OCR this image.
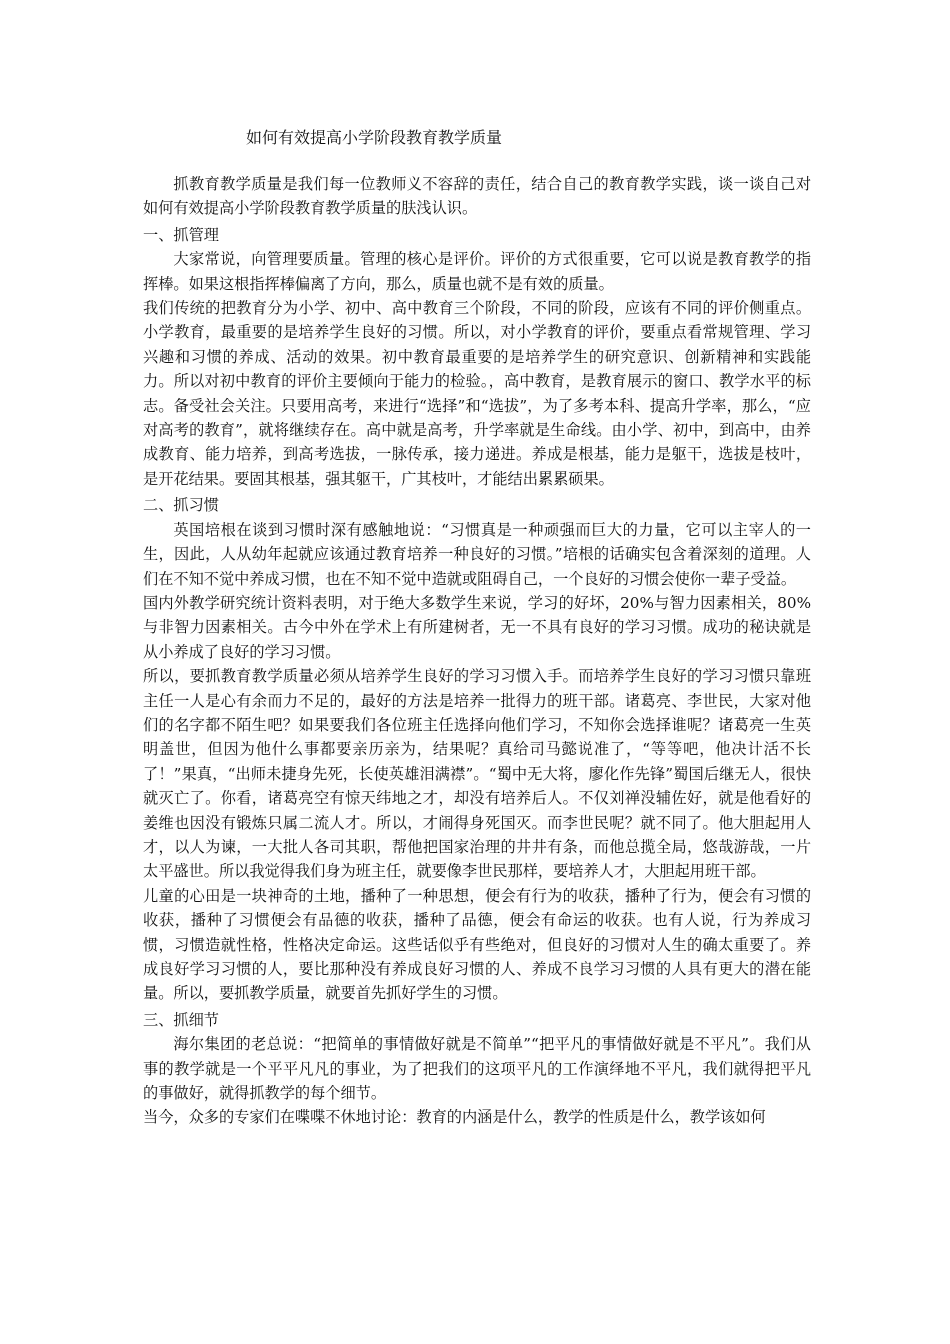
如何有效提高小学阶段教育教学质量

抓教育教学质量是我们每一位教师义不容辞的责任，结合自己的教育教学实践，谈一谈自己对如何有效提高小学阶段教育教学质量的肤浅认识。

一、抓管理

大家常说，向管理要质量。管理的核心是评价。评价的方式很重要，它可以说是教育教学的指挥棒。如果这根指挥棒偏离了方向，那么，质量也就不是有效的质量。

我们传统的把教育分为小学、初中、高中教育三个阶段，不同的阶段，应该有不同的评价侧重点。小学教育，最重要的是培养学生良好的习惯。所以，对小学教育的评价，要重点看常规管理、学习兴趣和习惯的养成、活动的效果。初中教育最重要的是培养学生的研究意识、创新精神和实践能力。所以对初中教育的评价主要倾向于能力的检验。，高中教育，是教育展示的窗口、教学水平的标志。备受社会关注。只要用高考，来进行“选择”和“选拔”，为了多考本科、提高升学率，那么，“应对高考的教育”，就将继续存在。高中就是高考，升学率就是生命线。由小学、初中，到高中，由养成教育、能力培养，到高考选拔，一脉传承，接力递进。养成是根基，能力是躯干，选拔是枝叶，是开花结果。要固其根基，强其躯干，广其枝叶，才能结出累累硕果。

二、抓习惯

英国培根在谈到习惯时深有感触地说：“习惯真是一种顽强而巨大的力量，它可以主宰人的一生，因此，人从幼年起就应该通过教育培养一种良好的习惯。”培根的话确实包含着深刻的道理。人们在不知不觉中养成习惯，也在不知不觉中造就或阻碍自己，一个良好的习惯会使你一辈子受益。

国内外教学研究统计资料表明，对于绝大多数学生来说，学习的好坏，20%与智力因素相关，80%与非智力因素相关。古今中外在学术上有所建树者，无一不具有良好的学习习惯。成功的秘诀就是从小养成了良好的学习习惯。

所以，要抓教育教学质量必须从培养学生良好的学习习惯入手。而培养学生良好的学习习惯只靠班主任一人是心有余而力不足的，最好的方法是培养一批得力的班干部。诸葛亮、李世民，大家对他们的名字都不陌生吧？如果要我们各位班主任选择向他们学习，不知你会选择谁呢？诸葛亮一生英明盖世，但因为他什么事都要亲历亲为，结果呢？真给司马懿说准了，“等等吧，他决计活不长了！”果真，“出师未捷身先死，长使英雄泪满襟”。“蜀中无大将，廖化作先锋”蜀国后继无人，很快就灭亡了。你看，诸葛亮空有惊天纬地之才，却没有培养后人。不仅刘禅没辅佐好，就是他看好的姜维也因没有锻炼只属二流人才。所以，才闹得身死国灭。而李世民呢？就不同了。他大胆起用人才，以人为谏，一大批人各司其职，帮他把国家治理的井井有条，而他总揽全局，悠哉游哉，一片太平盛世。所以我觉得我们身为班主任，就要像李世民那样，要培养人才，大胆起用班干部。

儿童的心田是一块神奇的土地，播种了一种思想，便会有行为的收获，播种了行为，便会有习惯的收获，播种了习惯便会有品德的收获，播种了品德，便会有命运的收获。也有人说，行为养成习惯，习惯造就性格，性格决定命运。这些话似乎有些绝对，但良好的习惯对人生的确太重要了。养成良好学习习惯的人，要比那种没有养成良好习惯的人、养成不良学习习惯的人具有更大的潜在能量。所以，要抓教学质量，就要首先抓好学生的习惯。

三、抓细节

海尔集团的老总说：“把简单的事情做好就是不简单”“把平凡的事情做好就是不平凡”。我们从事的教学就是一个平平凡凡的事业，为了把我们的这项平凡的工作演绎地不平凡，我们就得把平凡的事做好，就得抓教学的每个细节。

当今，众多的专家们在喋喋不休地讨论：教育的内涵是什么，教学的性质是什么，教学该如何
